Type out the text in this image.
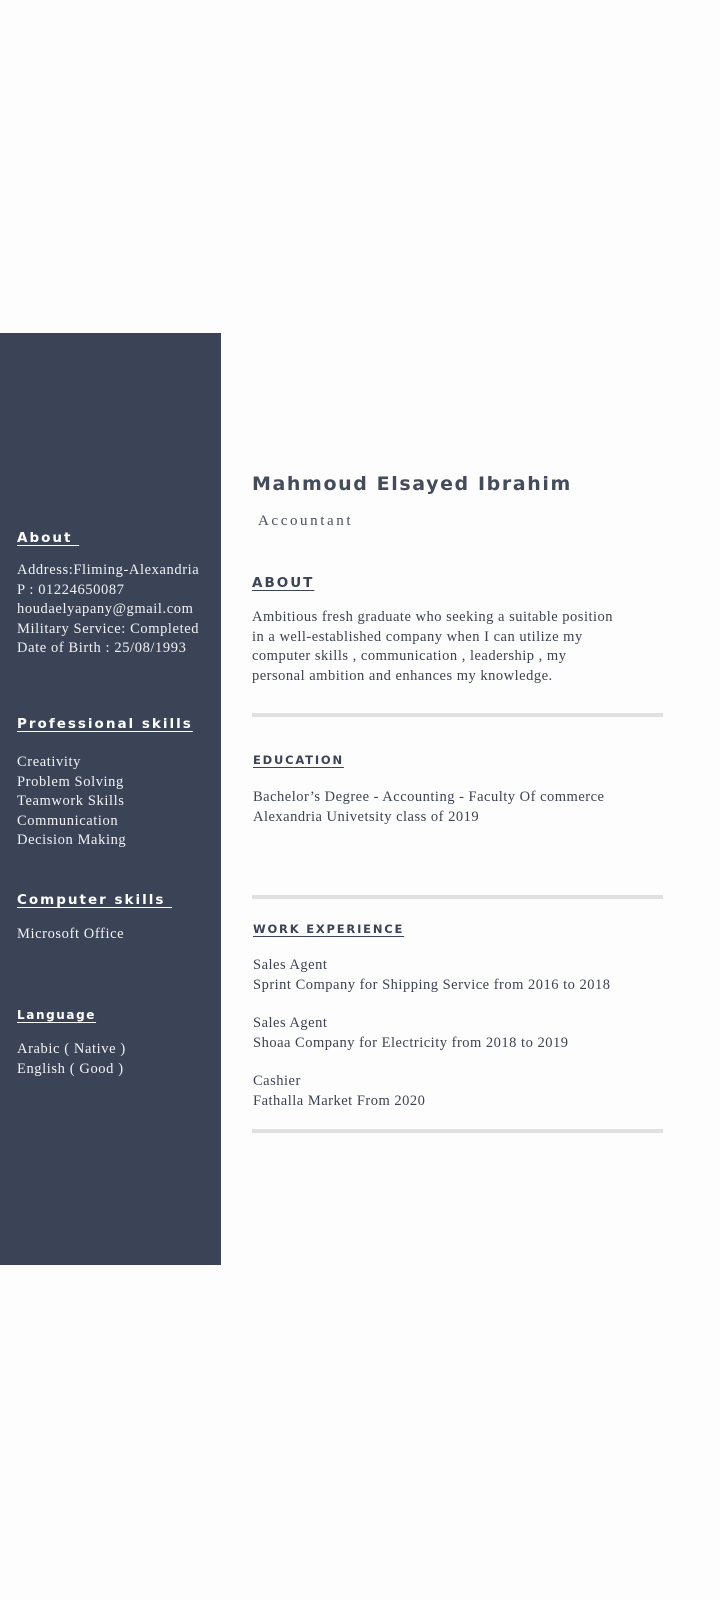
About
Address:Fliming-Alexandria
P : 01224650087
houdaelyapany@gmail.com
Military Service: Completed
Date of Birth : 25/08/1993
Professional skills
Creativity
Problem Solving
Teamwork Skills
Communication
Decision Making
Computer skills
Microsoft Office
Language
Arabic ( Native )
English ( Good )
Mahmoud Elsayed Ibrahim

Accountant

ABOUT
Ambitious fresh graduate who seeking a suitable position
in a well-established company when I can utilize my
computer skills , communication , leadership , my
personal ambition and enhances my knowledge.
EDUCATION
Bachelor’s Degree - Accounting - Faculty Of commerce
Alexandria Univetsity class of 2019
WORK EXPERIENCE
Sales Agent
Sprint Company for Shipping Service from 2016 to 2018
Sales Agent
Shoaa Company for Electricity from 2018 to 2019
Cashier
Fathalla Market From 2020
